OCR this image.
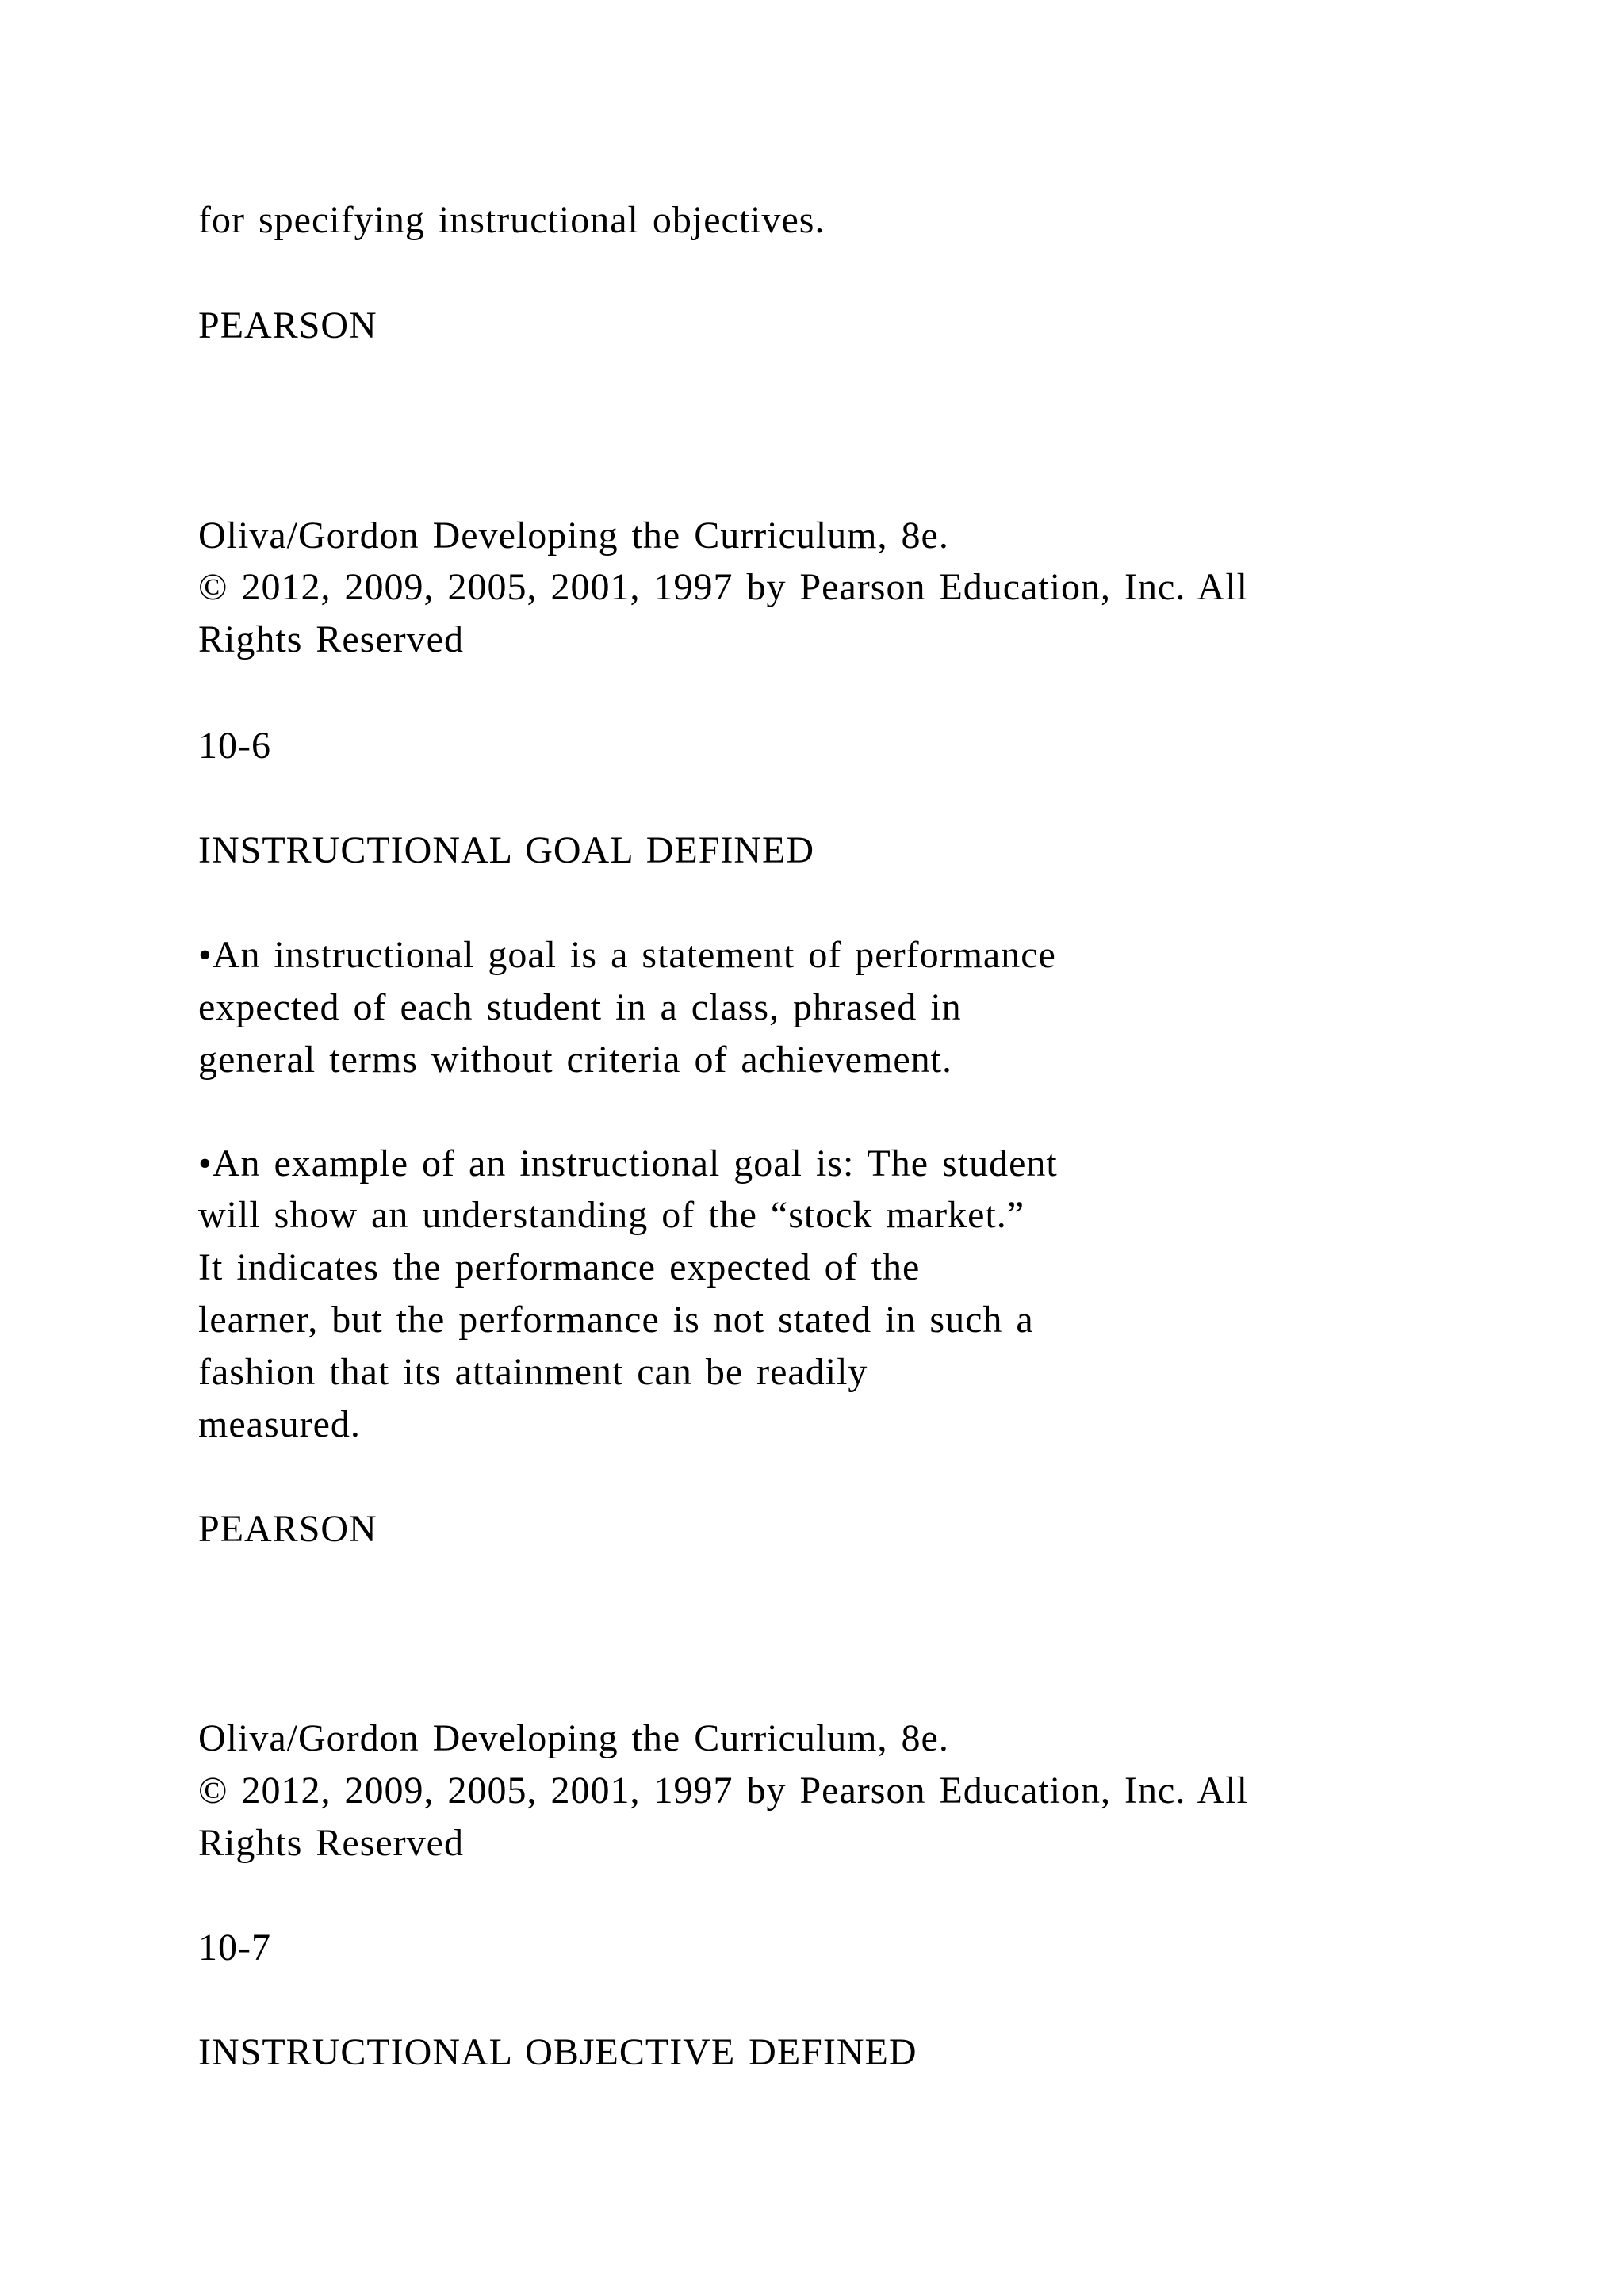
for specifying instructional objectives.

PEARSON

Oliva/Gordon Developing the Curriculum, 8e.

© 2012, 2009, 2005, 2001, 1997 by Pearson Education, Inc. All

Rights Reserved

10-6

INSTRUCTIONAL GOAL DEFINED

•An instructional goal is a statement of performance

expected of each student in a class, phrased in

general terms without criteria of achievement.

•An example of an instructional goal is: The student

will show an understanding of the “stock market.”

It indicates the performance expected of the

learner, but the performance is not stated in such a

fashion that its attainment can be readily

measured.

PEARSON

Oliva/Gordon Developing the Curriculum, 8e.

© 2012, 2009, 2005, 2001, 1997 by Pearson Education, Inc. All

Rights Reserved

10-7

INSTRUCTIONAL OBJECTIVE DEFINED
